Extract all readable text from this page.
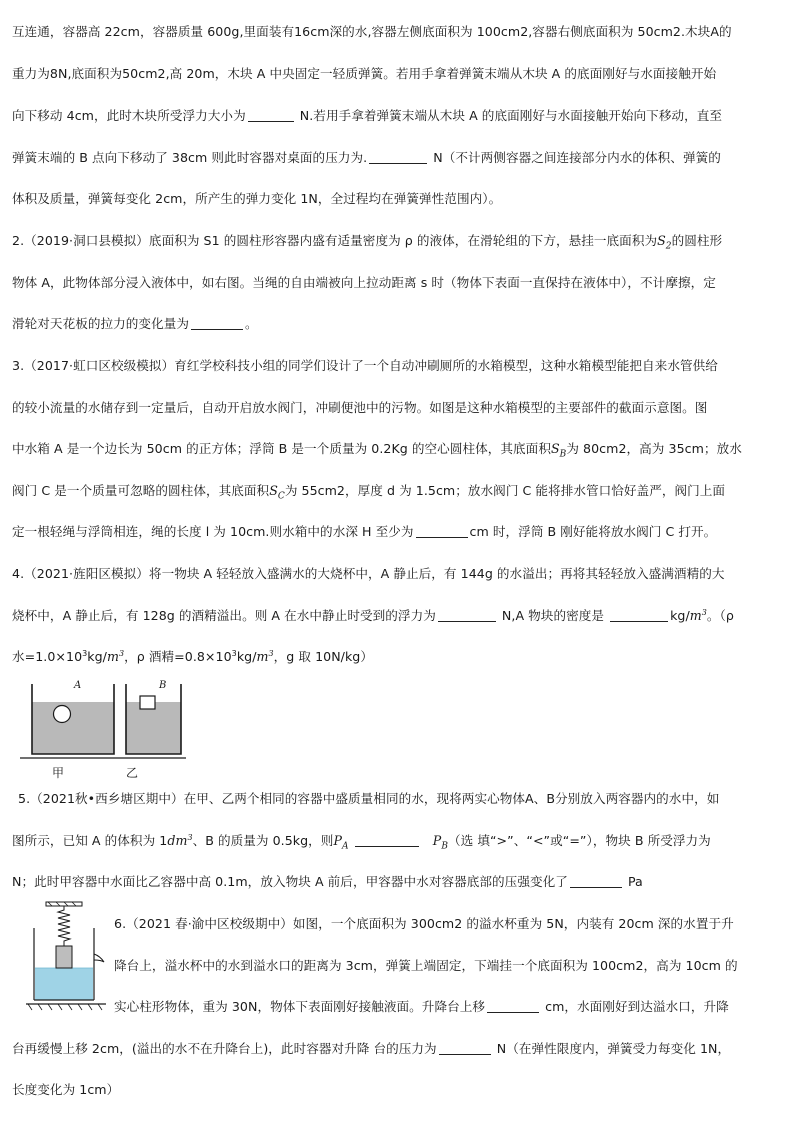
互连通，容器高 22cm，容器质量 600g,里面装有16cm深的水,容器左侧底面积为 100cm2,容器右侧底面积为 50cm2.木块A的
重力为8N,底面积为50cm2,高 20m，木块 A 中央固定一轻质弹簧。若用手拿着弹簧末端从木块 A 的底面刚好与水面接触开始
向下移动 4cm，此时木块所受浮力大小为	N.若用手拿着弹簧末端从木块 A 的底面刚好与水面接触开始向下移动，直至
弹簧末端的 B 点向下移动了 38cm 则此时容器对桌面的压力为.	N（不计两侧容器之间连接部分内水的体积、弹簧的
体积及质量，弹簧每变化 2cm，所产生的弹力变化 1N，全过程均在弹簧弹性范围内）。
2.（2019·洞口县模拟）底面积为 S1 的圆柱形容器内盛有适量密度为 ρ 的液体，在滑轮组的下方，悬挂一底面积为$S_2$的圆柱形
物体 A，此物体部分浸入液体中，如右图。当绳的自由端被向上拉动距离 s 时（物体下表面一直保持在液体中），不计摩擦，定
滑轮对天花板的拉力的变化量为	。
3.（2017·虹口区校级模拟）育红学校科技小组的同学们设计了一个自动冲刷厕所的水箱模型，这种水箱模型能把自来水管供给
的较小流量的水储存到一定量后，自动开启放水阀门，冲刷便池中的污物。如图是这种水箱模型的主要部件的截面示意图。图
中水箱 A 是一个边长为 50cm 的正方体；浮筒 B 是一个质量为 0.2Kg 的空心圆柱体，其底面积$S_B$为 80cm2，高为 35cm；放水
阀门 C 是一个质量可忽略的圆柱体，其底面积$S_C$为 55cm2，厚度 d 为 1.5cm；放水阀门 C 能将排水管口恰好盖严，阀门上面
定一根轻绳与浮筒相连，绳的长度 l 为 10cm.则水箱中的水深 H 至少为	cm 时，浮筒 B 刚好能将放水阀门 C 打开。
4.（2021·旌阳区模拟）将一物块 A 轻轻放入盛满水的大烧杯中，A 静止后，有 144g 的水溢出；再将其轻轻放入盛满酒精的大
烧杯中，A 静止后，有 128g 的酒精溢出。则 A 在水中静止时受到的浮力为	N,A 物块的密度是	$kg/m^3$。（ρ
水$=1.0\times 10^3kg/m^3$，ρ 酒精$=0.8\times 10^3kg/m^3$，g 取 10N/kg）
A	B
甲	乙
5.（2021秋•西乡塘区期中）在甲、乙两个相同的容器中盛质量相同的水，现将两实心物体A、B分别放入两容器内的水中，如
图所示，已知 A 的体积为 $1dm^3$、B 的质量为 0.5kg，则$P_A$	$P_B$（选 填“>”、“<”或“=”），物块 B 所受浮力为
N；此时甲容器中水面比乙容器中高 0.1m，放入物块 A 前后，甲容器中水对容器底部的压强变化了	Pa
6.（2021 春·渝中区校级期中）如图，一个底面积为 300cm2 的溢水杯重为 5N，内装有 20cm 深的水置于升
降台上，溢水杯中的水到溢水口的距离为 3cm，弹簧上端固定，下端挂一个底面积为 100cm2，高为 10cm 的
实心柱形物体，重为 30N，物体下表面刚好接触液面。升降台上移	cm，水面刚好到达溢水口，升降
台再缓慢上移 2cm，(溢出的水不在升降台上)，此时容器对升降 台的压力为	N（在弹性限度内，弹簧受力每变化 1N，
长度变化为 1cm）
